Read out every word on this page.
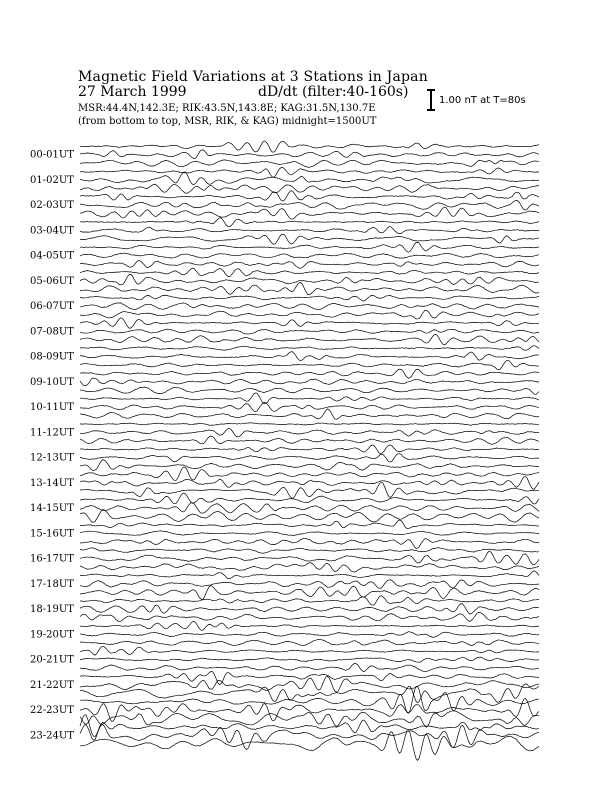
Magnetic Field Variations at 3 Stations in Japan
27 March 1999	dD/dt (filter:40-160s)
MSR:44.4N,142.3E; RIK:43.5N,143.8E; KAG:31.5N,130.7E
(from bottom to top, MSR, RIK, & KAG) midnight=1500UT
1.00 nT at T=80s
00-01UT
01-02UT
02-03UT
03-04UT
04-05UT
05-06UT
06-07UT
07-08UT
08-09UT
09-10UT
10-11UT
11-12UT
12-13UT
13-14UT
14-15UT
15-16UT
16-17UT
17-18UT
18-19UT
19-20UT
20-21UT
21-22UT
22-23UT
23-24UT
